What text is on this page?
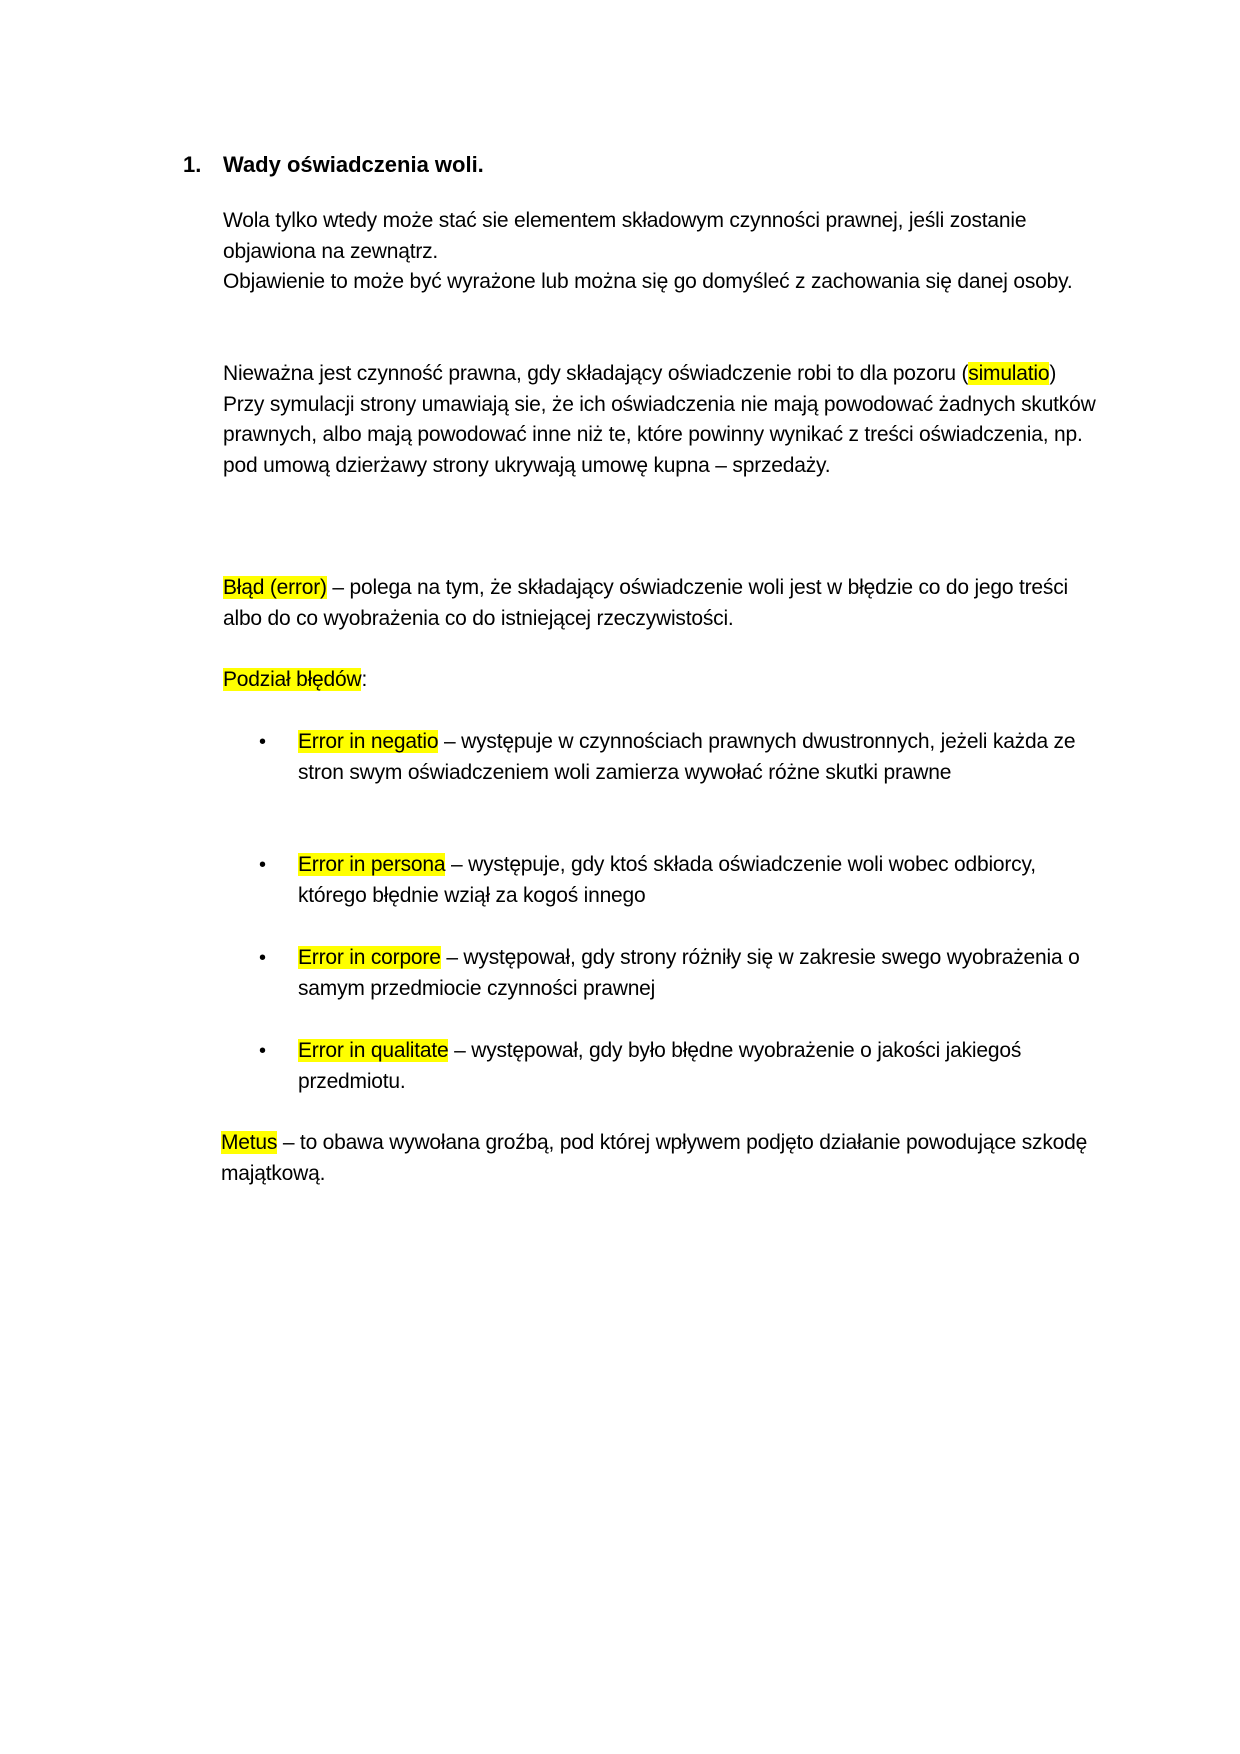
1. Wady oświadczenia woli.

Wola tylko wtedy może stać sie elementem składowym czynności prawnej, jeśli zostanie objawiona na zewnątrz.

Objawienie to może być wyrażone lub można się go domyśleć z zachowania się danej osoby.

Nieważna jest czynność prawna, gdy składający oświadczenie robi to dla pozoru (simulatio)

Przy symulacji strony umawiają sie, że ich oświadczenia nie mają powodować żadnych skutków prawnych, albo mają powodować inne niż te, które powinny wynikać z treści oświadczenia, np. pod umową dzierżawy strony ukrywają umowę kupna – sprzedaży.

Błąd (error) – polega na tym, że składający oświadczenie woli jest w błędzie co do jego treści albo do co wyobrażenia co do istniejącej rzeczywistości.

Podział błędów:

•	Error in negatio – występuje w czynnościach prawnych dwustronnych, jeżeli każda ze stron swym oświadczeniem woli zamierza wywołać różne skutki prawne
•	Error in persona – występuje, gdy ktoś składa oświadczenie woli wobec odbiorcy, którego błędnie wziął za kogoś innego
•	Error in corpore – występował, gdy strony różniły się w zakresie swego wyobrażenia o samym przedmiocie czynności prawnej
•	Error in qualitate – występował, gdy było błędne wyobrażenie o jakości jakiegoś przedmiotu.
Metus – to obawa wywołana groźbą, pod której wpływem podjęto działanie powodujące szkodę majątkową.
